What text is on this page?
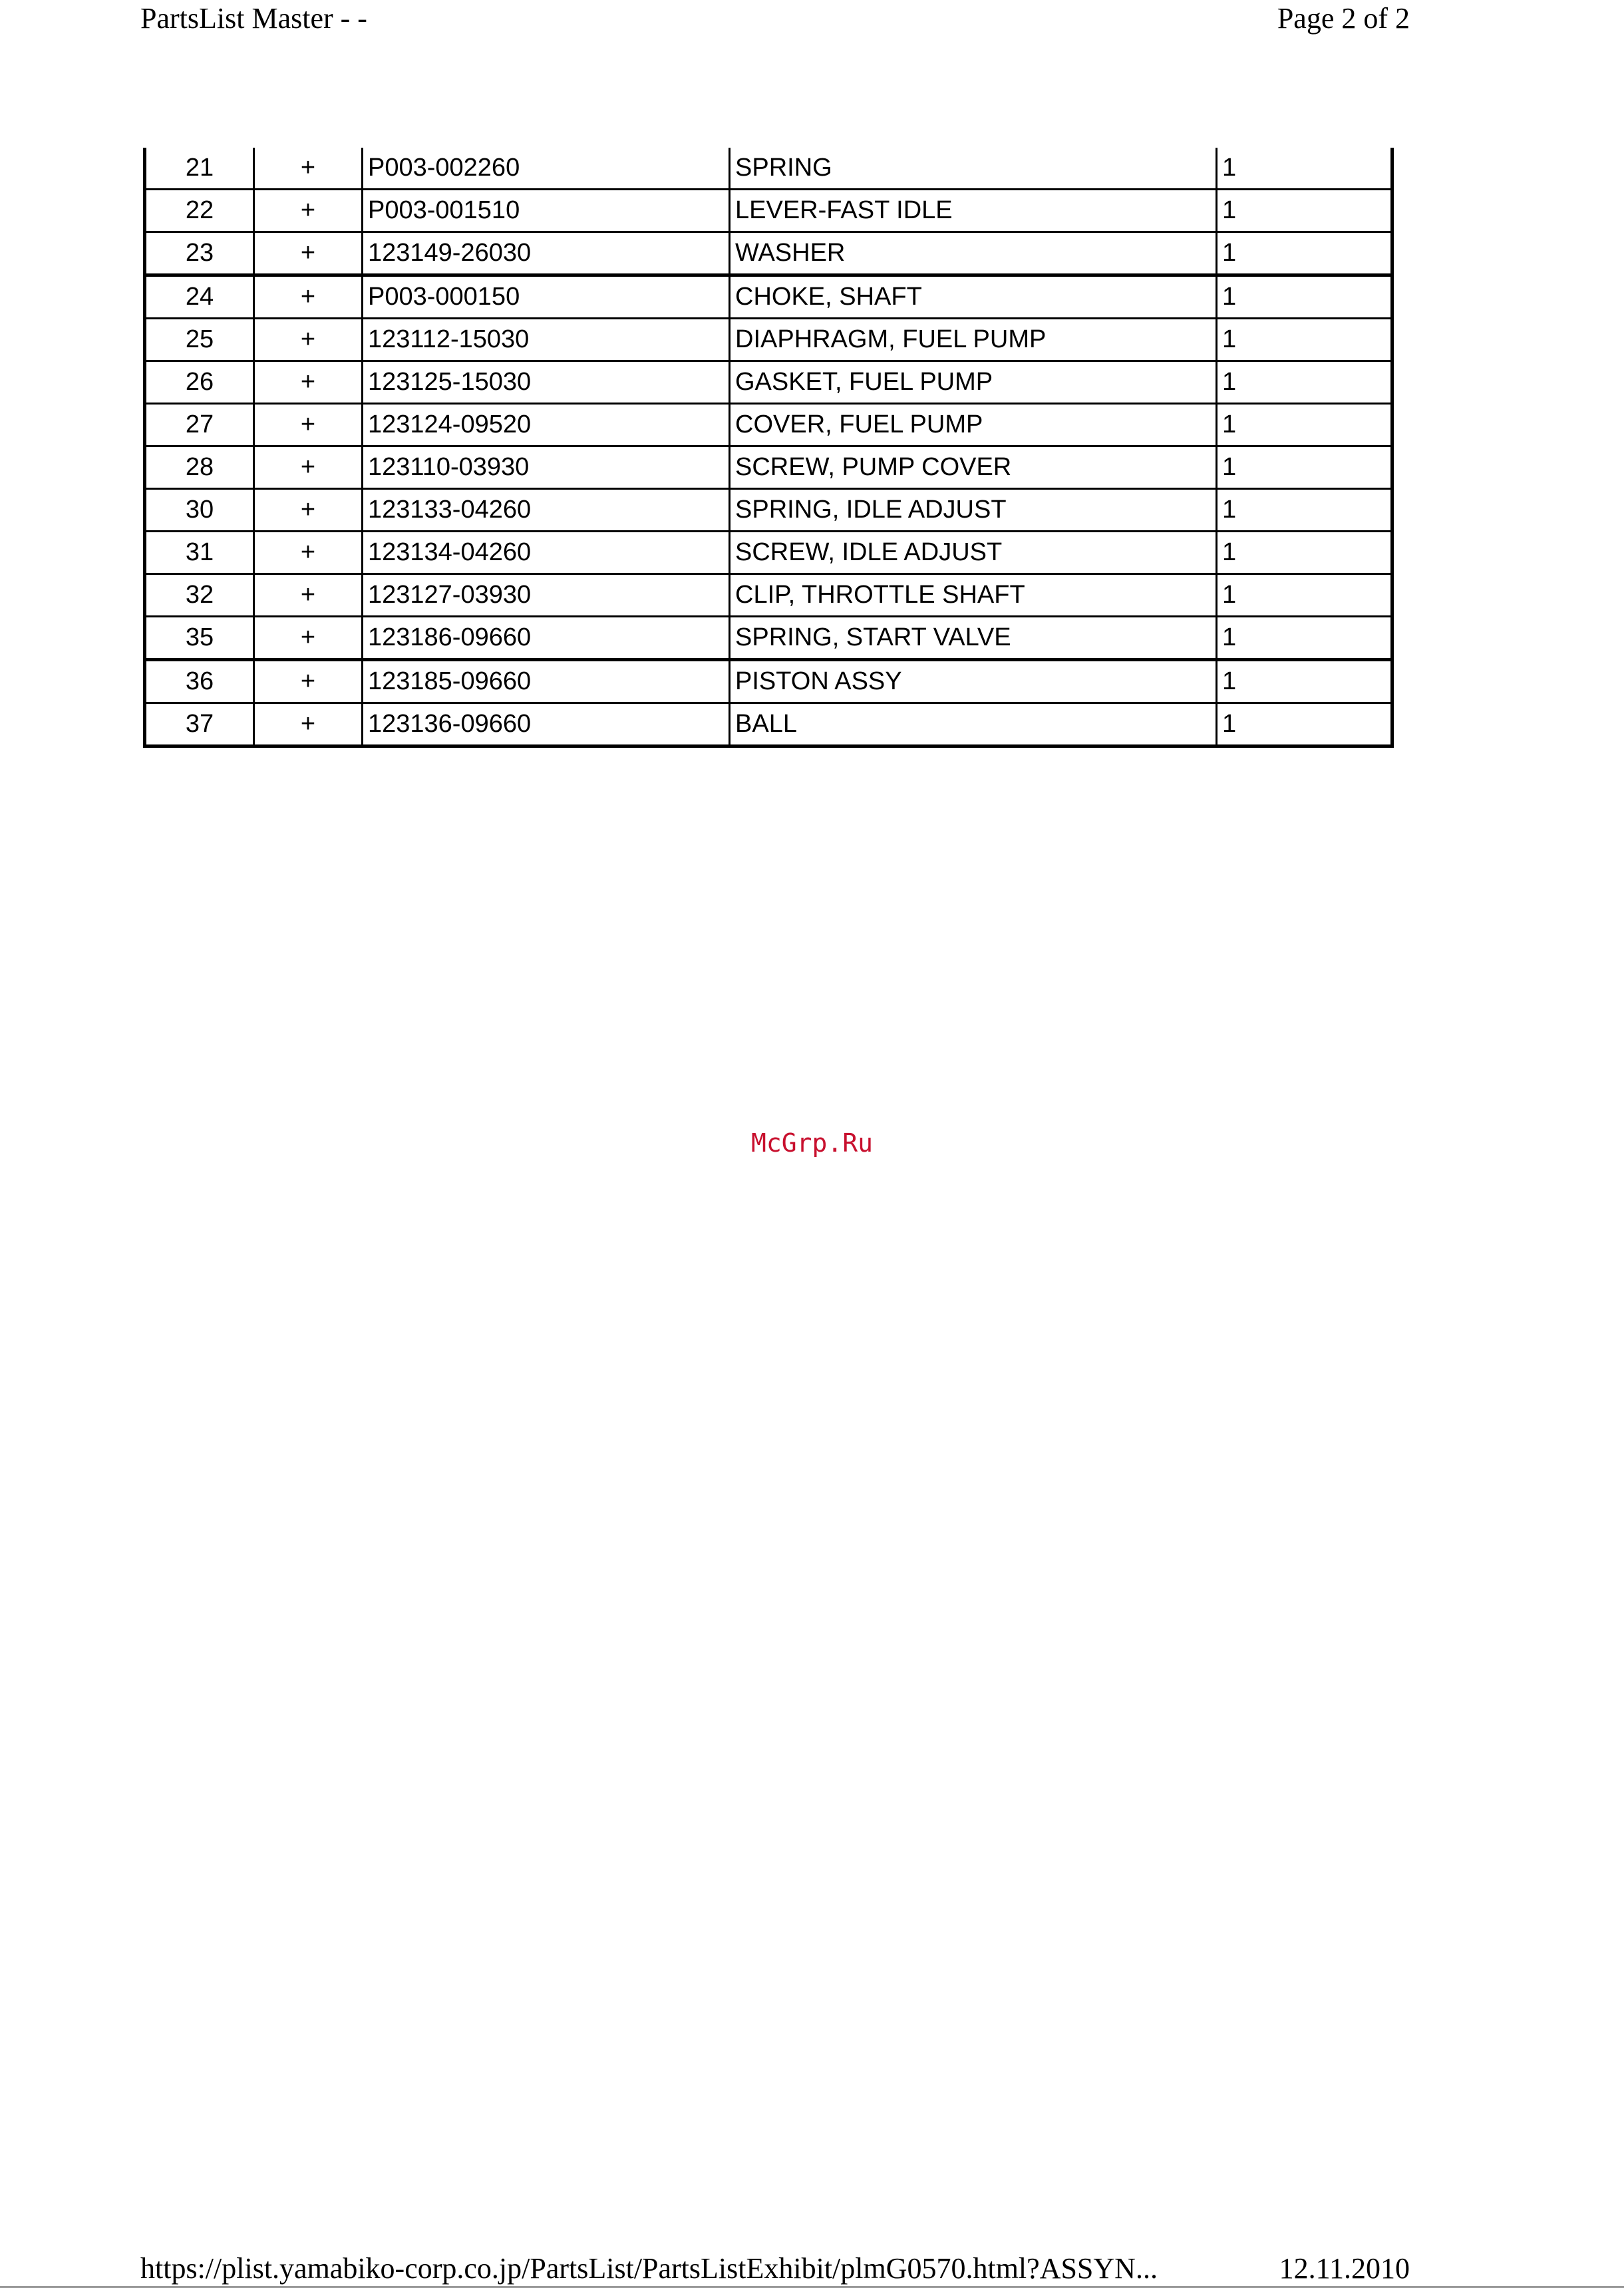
PartsList Master - -	Page 2 of 2
21	+	P003-002260	SPRING	1
22	+	P003-001510	LEVER-FAST IDLE	1
23	+	123149-26030	WASHER	1
24	+	P003-000150	CHOKE, SHAFT	1
25	+	123112-15030	DIAPHRAGM, FUEL PUMP	1
26	+	123125-15030	GASKET, FUEL PUMP	1
27	+	123124-09520	COVER, FUEL PUMP	1
28	+	123110-03930	SCREW, PUMP COVER	1
30	+	123133-04260	SPRING, IDLE ADJUST	1
31	+	123134-04260	SCREW, IDLE ADJUST	1
32	+	123127-03930	CLIP, THROTTLE SHAFT	1
35	+	123186-09660	SPRING, START VALVE	1
36	+	123185-09660	PISTON ASSY	1
37	+	123136-09660	BALL	1
McGrp.Ru
https://plist.yamabiko-corp.co.jp/PartsList/PartsListExhibit/plmG0570.html?ASSYN...	12.11.2010
